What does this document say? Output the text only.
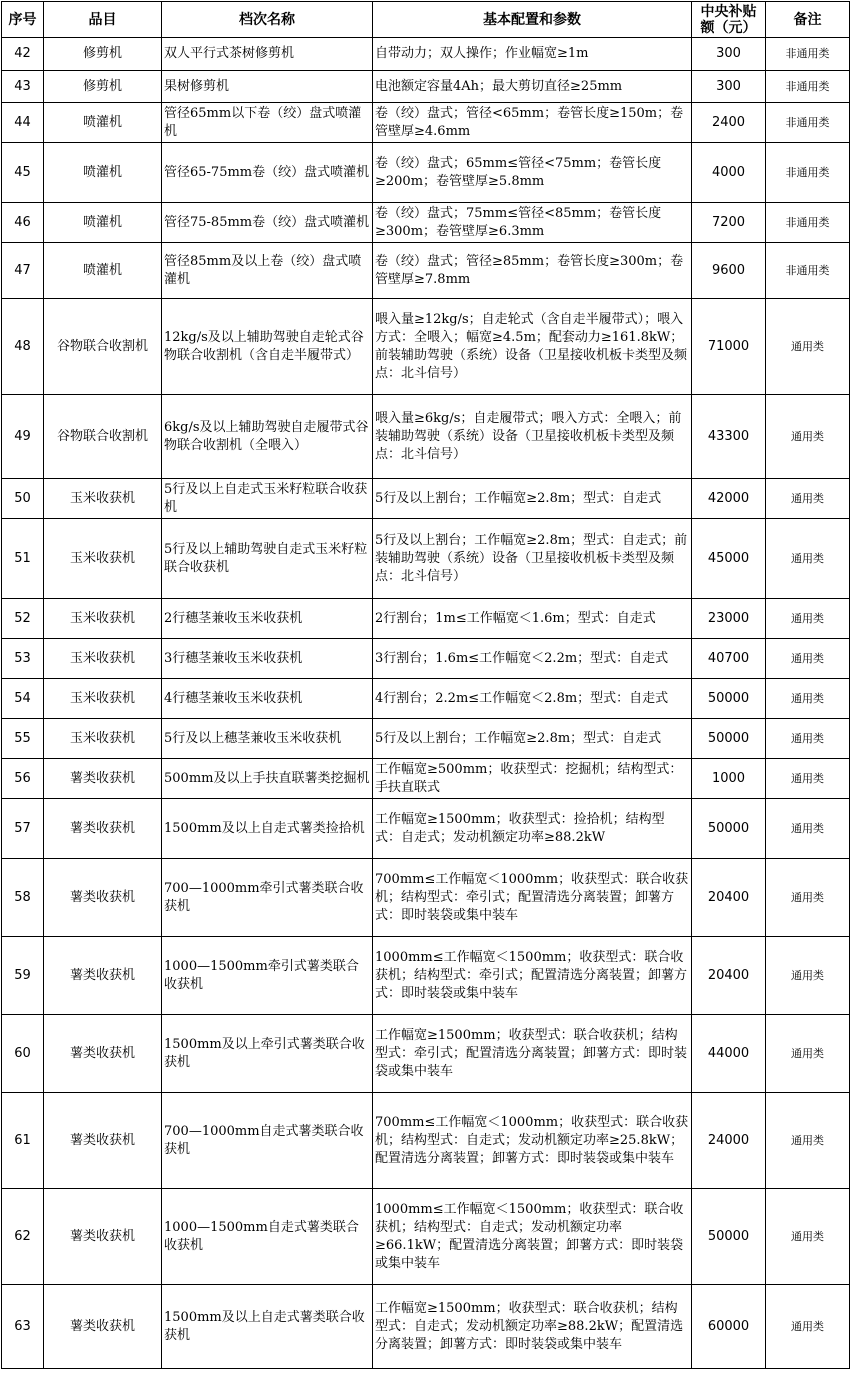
序号	品目	档次名称	基本配置和参数	中央补贴额（元）	备注
42	修剪机	双人平行式茶树修剪机	自带动力；双人操作；作业幅宽≥1m	300	非通用类
43	修剪机	果树修剪机	电池额定容量4Ah；最大剪切直径≥25mm	300	非通用类
44	喷灌机	管径65mm以下卷（绞）盘式喷灌机	卷（绞）盘式；管径<65mm；卷管长度≥150m；卷管壁厚≥4.6mm	2400	非通用类
45	喷灌机	管径65-75mm卷（绞）盘式喷灌机	卷（绞）盘式；65mm≤管径<75mm；卷管长度≥200m；卷管壁厚≥5.8mm	4000	非通用类
46	喷灌机	管径75-85mm卷（绞）盘式喷灌机	卷（绞）盘式；75mm≤管径<85mm；卷管长度≥300m；卷管壁厚≥6.3mm	7200	非通用类
47	喷灌机	管径85mm及以上卷（绞）盘式喷灌机	卷（绞）盘式；管径≥85mm；卷管长度≥300m；卷管壁厚≥7.8mm	9600	非通用类
48	谷物联合收割机	12kg/s及以上辅助驾驶自走轮式谷物联合收割机（含自走半履带式）	喂入量≥12kg/s；自走轮式（含自走半履带式）；喂入方式：全喂入；幅宽≥4.5m；配套动力≥161.8kW；前装辅助驾驶（系统）设备（卫星接收机板卡类型及频点：北斗信号）	71000	通用类
49	谷物联合收割机	6kg/s及以上辅助驾驶自走履带式谷物联合收割机（全喂入）	喂入量≥6kg/s；自走履带式；喂入方式：全喂入；前装辅助驾驶（系统）设备（卫星接收机板卡类型及频点：北斗信号）	43300	通用类
50	玉米收获机	5行及以上自走式玉米籽粒联合收获机	5行及以上割台；工作幅宽≥2.8m；型式：自走式	42000	通用类
51	玉米收获机	5行及以上辅助驾驶自走式玉米籽粒联合收获机	5行及以上割台；工作幅宽≥2.8m；型式：自走式；前装辅助驾驶（系统）设备（卫星接收机板卡类型及频点：北斗信号）	45000	通用类
52	玉米收获机	2行穗茎兼收玉米收获机	2行割台；1m≤工作幅宽＜1.6m；型式：自走式	23000	通用类
53	玉米收获机	3行穗茎兼收玉米收获机	3行割台；1.6m≤工作幅宽＜2.2m；型式：自走式	40700	通用类
54	玉米收获机	4行穗茎兼收玉米收获机	4行割台；2.2m≤工作幅宽＜2.8m；型式：自走式	50000	通用类
55	玉米收获机	5行及以上穗茎兼收玉米收获机	5行及以上割台；工作幅宽≥2.8m；型式：自走式	50000	通用类
56	薯类收获机	500mm及以上手扶直联薯类挖掘机	工作幅宽≥500mm；收获型式：挖掘机；结构型式：手扶直联式	1000	通用类
57	薯类收获机	1500mm及以上自走式薯类捡拾机	工作幅宽≥1500mm；收获型式：捡拾机；结构型式：自走式；发动机额定功率≥88.2kW	50000	通用类
58	薯类收获机	700—1000mm牵引式薯类联合收获机	700mm≤工作幅宽＜1000mm；收获型式：联合收获机；结构型式：牵引式；配置清选分离装置；卸薯方式：即时装袋或集中装车	20400	通用类
59	薯类收获机	1000—1500mm牵引式薯类联合收获机	1000mm≤工作幅宽＜1500mm；收获型式：联合收获机；结构型式：牵引式；配置清选分离装置；卸薯方式：即时装袋或集中装车	20400	通用类
60	薯类收获机	1500mm及以上牵引式薯类联合收获机	工作幅宽≥1500mm；收获型式：联合收获机；结构型式：牵引式；配置清选分离装置；卸薯方式：即时装袋或集中装车	44000	通用类
61	薯类收获机	700—1000mm自走式薯类联合收获机	700mm≤工作幅宽＜1000mm；收获型式：联合收获机；结构型式：自走式；发动机额定功率≥25.8kW；配置清选分离装置；卸薯方式：即时装袋或集中装车	24000	通用类
62	薯类收获机	1000—1500mm自走式薯类联合收获机	1000mm≤工作幅宽＜1500mm；收获型式：联合收获机；结构型式：自走式；发动机额定功率≥66.1kW；配置清选分离装置；卸薯方式：即时装袋或集中装车	50000	通用类
63	薯类收获机	1500mm及以上自走式薯类联合收获机	工作幅宽≥1500mm；收获型式：联合收获机；结构型式：自走式；发动机额定功率≥88.2kW；配置清选分离装置；卸薯方式：即时装袋或集中装车	60000	通用类
